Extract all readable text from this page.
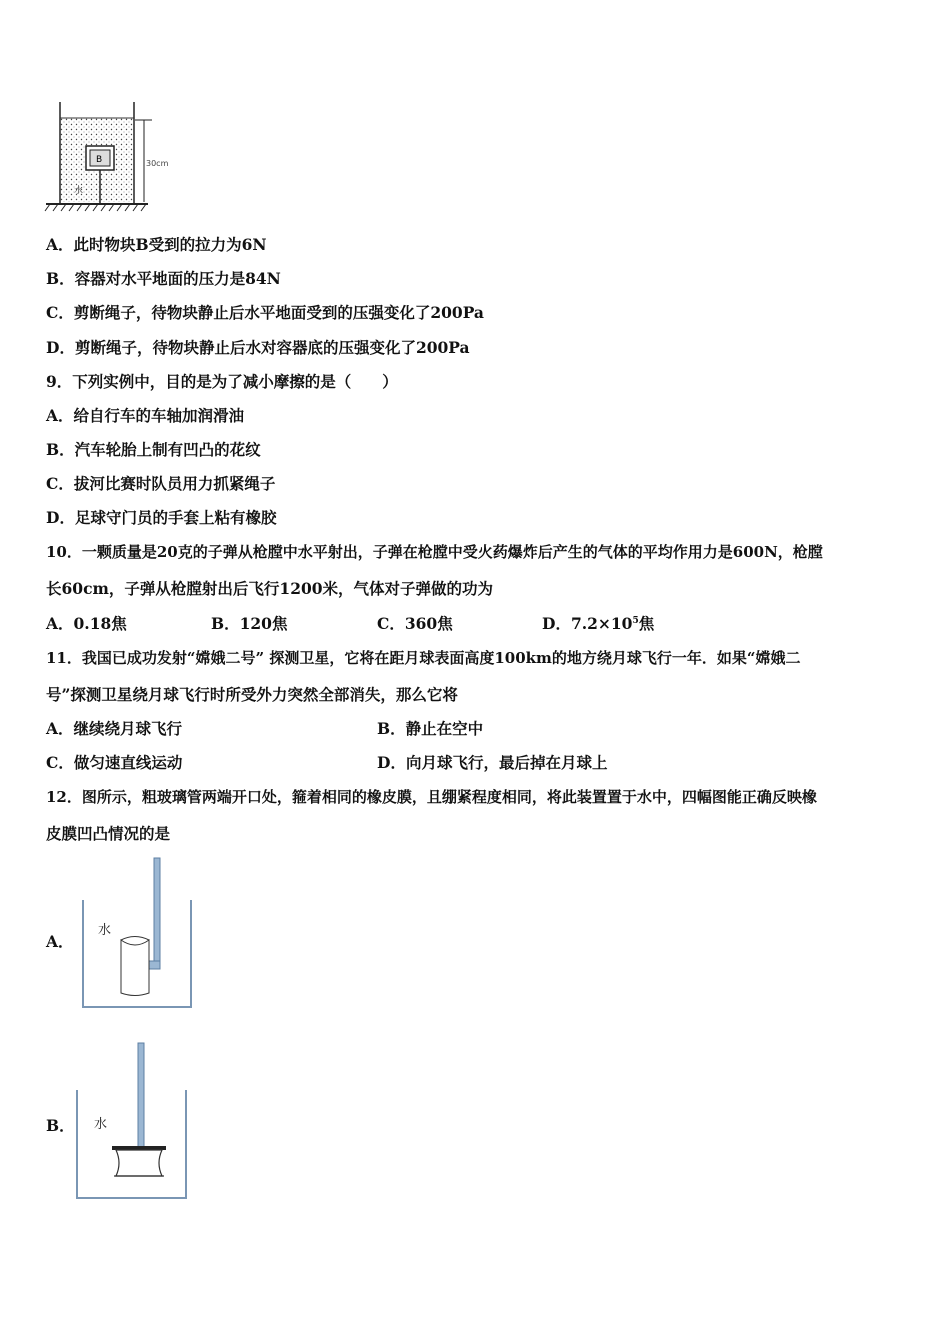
B	30cm
水
A．此时物块B受到的拉力为6N
B．容器对水平地面的压力是84N
C．剪断绳子，待物块静止后水平地面受到的压强变化了200Pa
D．剪断绳子，待物块静止后水对容器底的压强变化了200Pa
9．下列实例中，目的是为了减小摩擦的是（　　）
A．给自行车的车轴加润滑油
B．汽车轮胎上制有凹凸的花纹
C．拔河比赛时队员用力抓紧绳子
D．足球守门员的手套上粘有橡胶
10．一颗质量是20克的子弹从枪膛中水平射出，子弹在枪膛中受火药爆炸后产生的气体的平均作用力是600N，枪膛
长60cm，子弹从枪膛射出后飞行1200米，气体对子弹做的功为
A．0.18焦	B．120焦	C．360焦	D．$7.2\times 10^5$焦
11．我国已成功发射“嫦娥二号” 探测卫星，它将在距月球表面高度100km的地方绕月球飞行一年．如果“嫦娥二
号”探测卫星绕月球飞行时所受外力突然全部消失，那么它将
A．继续绕月球飞行	B．静止在空中
C．做匀速直线运动	D．向月球飞行，最后掉在月球上
12．图所示，粗玻璃管两端开口处，箍着相同的橡皮膜，且绷紧程度相同，将此装置置于水中，四幅图能正确反映橡
皮膜凹凸情况的是
A．
水
B． 水
